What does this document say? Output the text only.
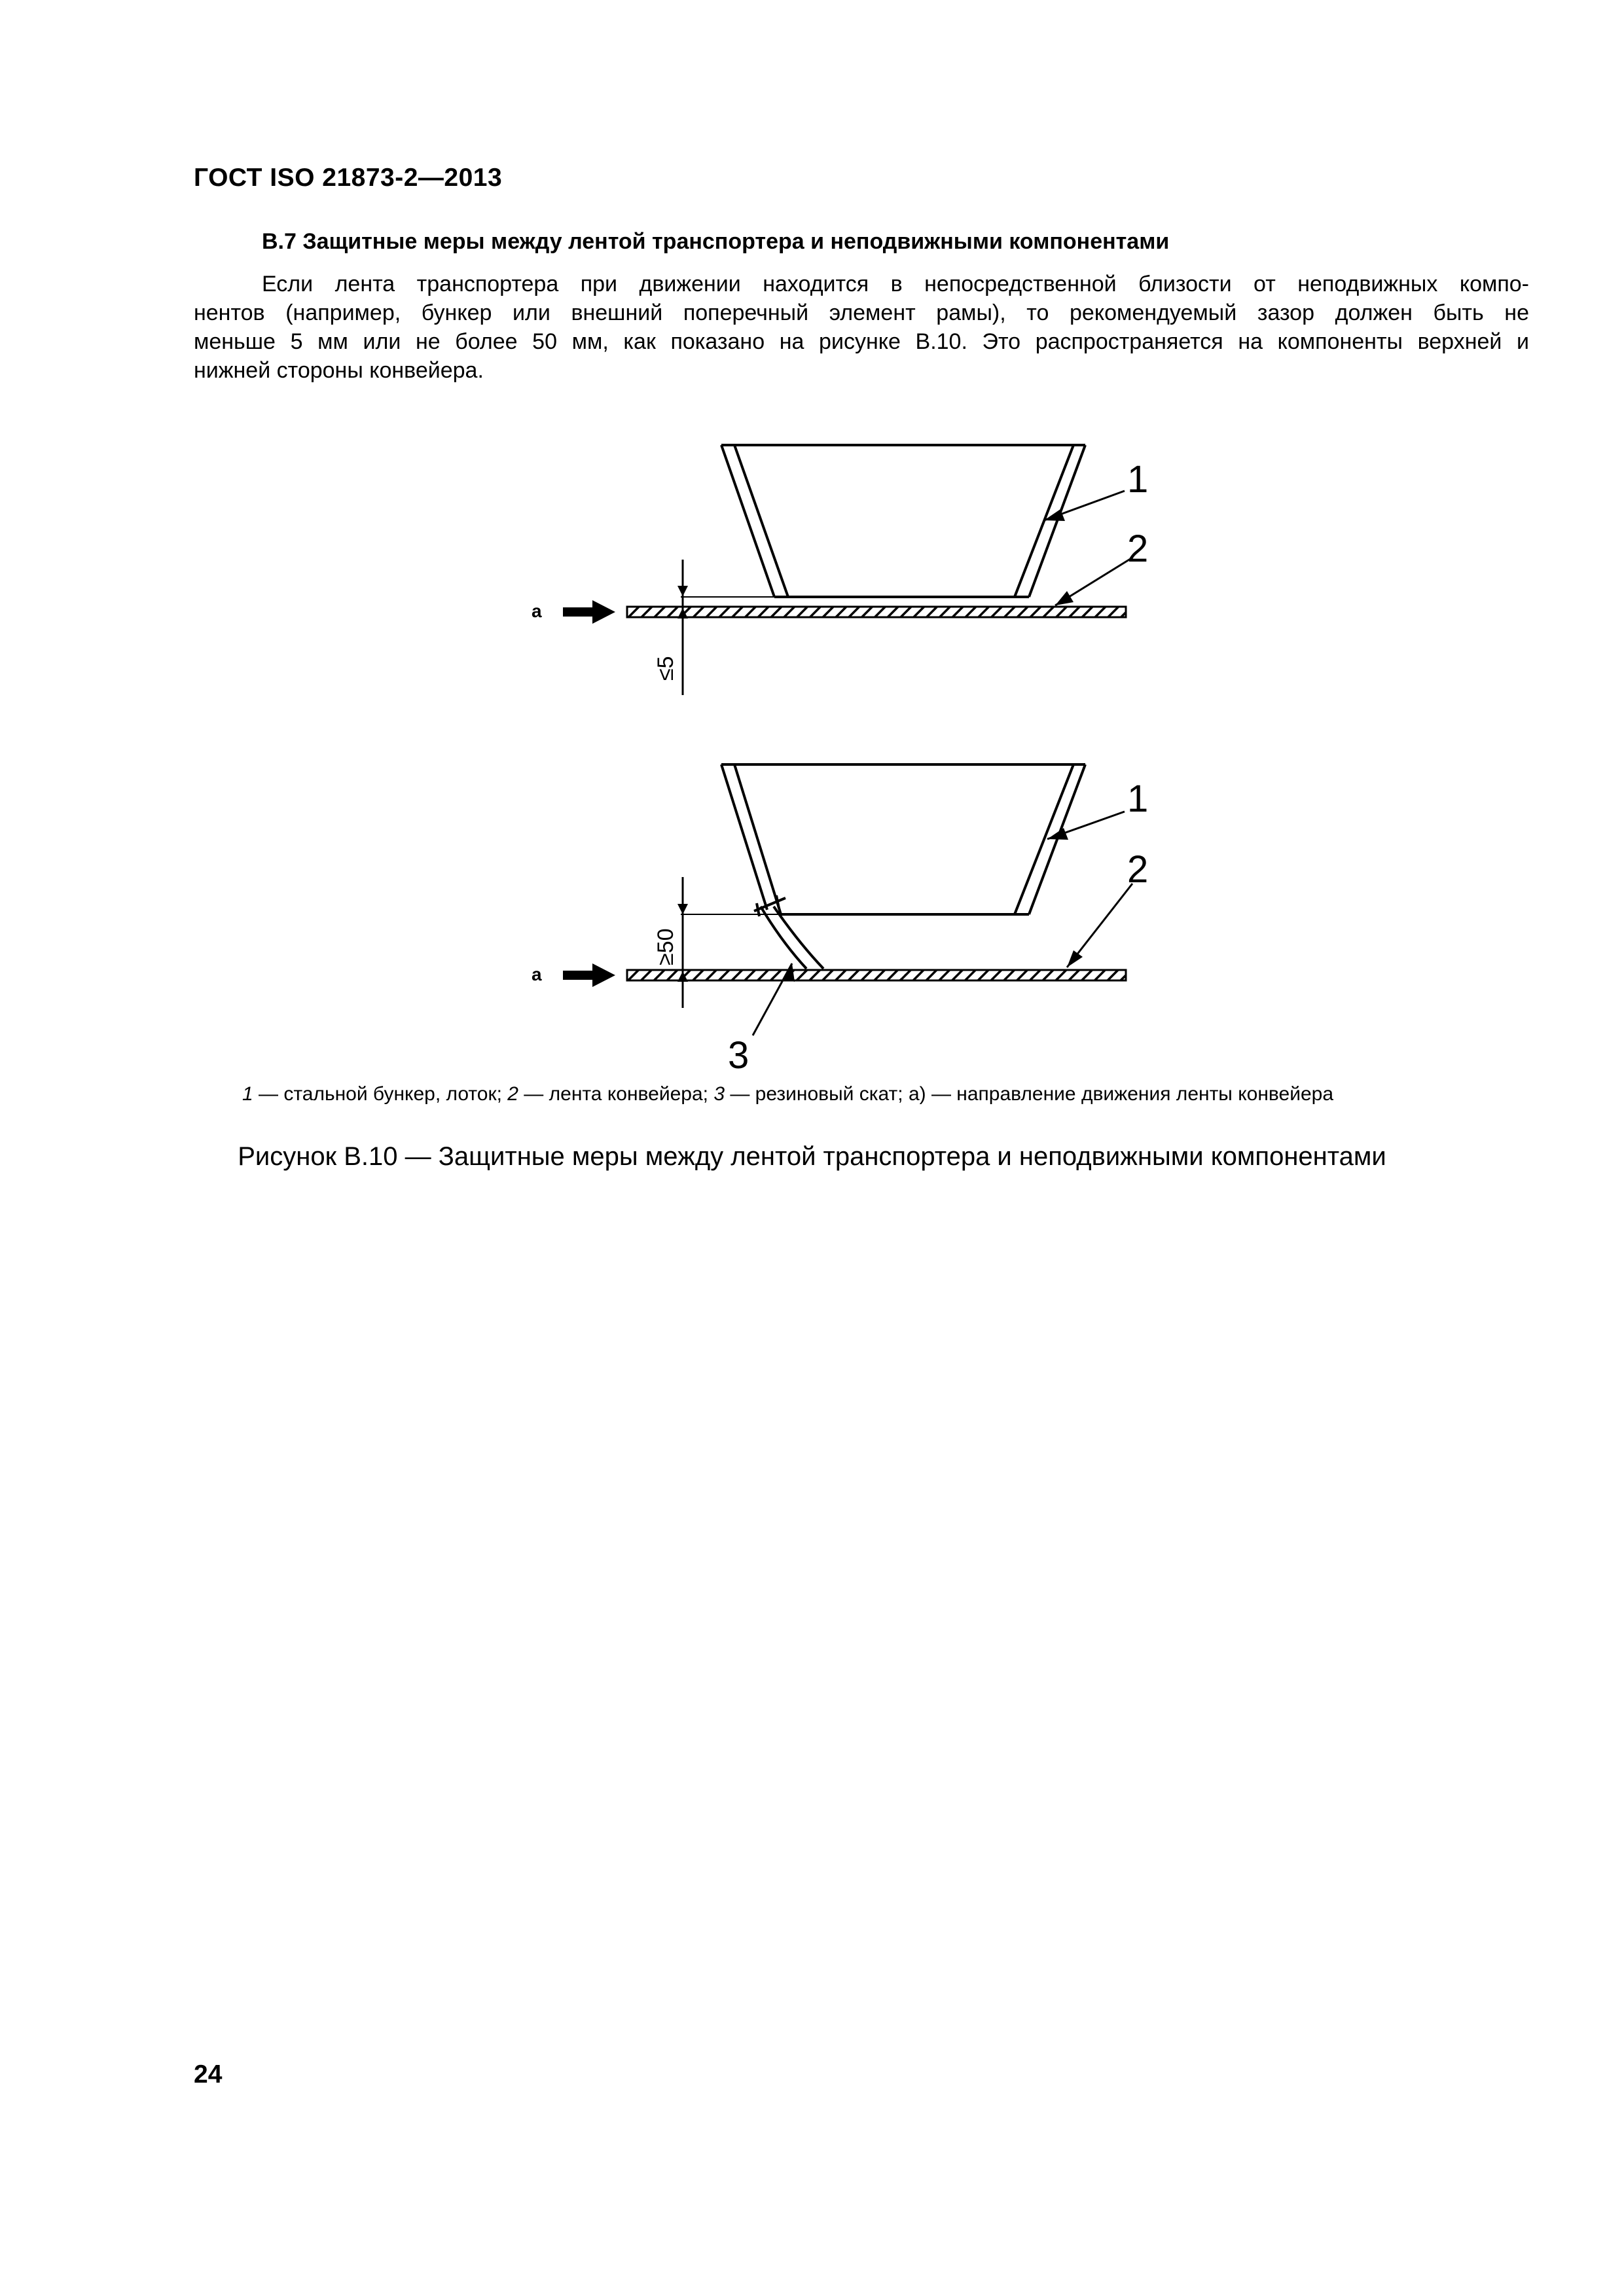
ГОСТ ISO 21873-2—2013
B.7 Защитные меры между лентой транспортера и неподвижными компонентами
Если лента транспортера при движении находится в непосредственной близости от неподвижных компо-
нентов (например, бункер или внешний поперечный элемент рамы), то рекомендуемый зазор должен быть не
меньше 5 мм или не более 50 мм, как показано на рисунке B.10. Это распространяется на компоненты верхней и
нижней стороны конвейера.
a
≤5
1
2
a
≥50
1
2
3
1 — стальной бункер, лоток; 2 — лента конвейера; 3 — резиновый скат; а) — направление движения ленты конвейера
Рисунок B.10 — Защитные меры между лентой транспортера и неподвижными компонентами
24
